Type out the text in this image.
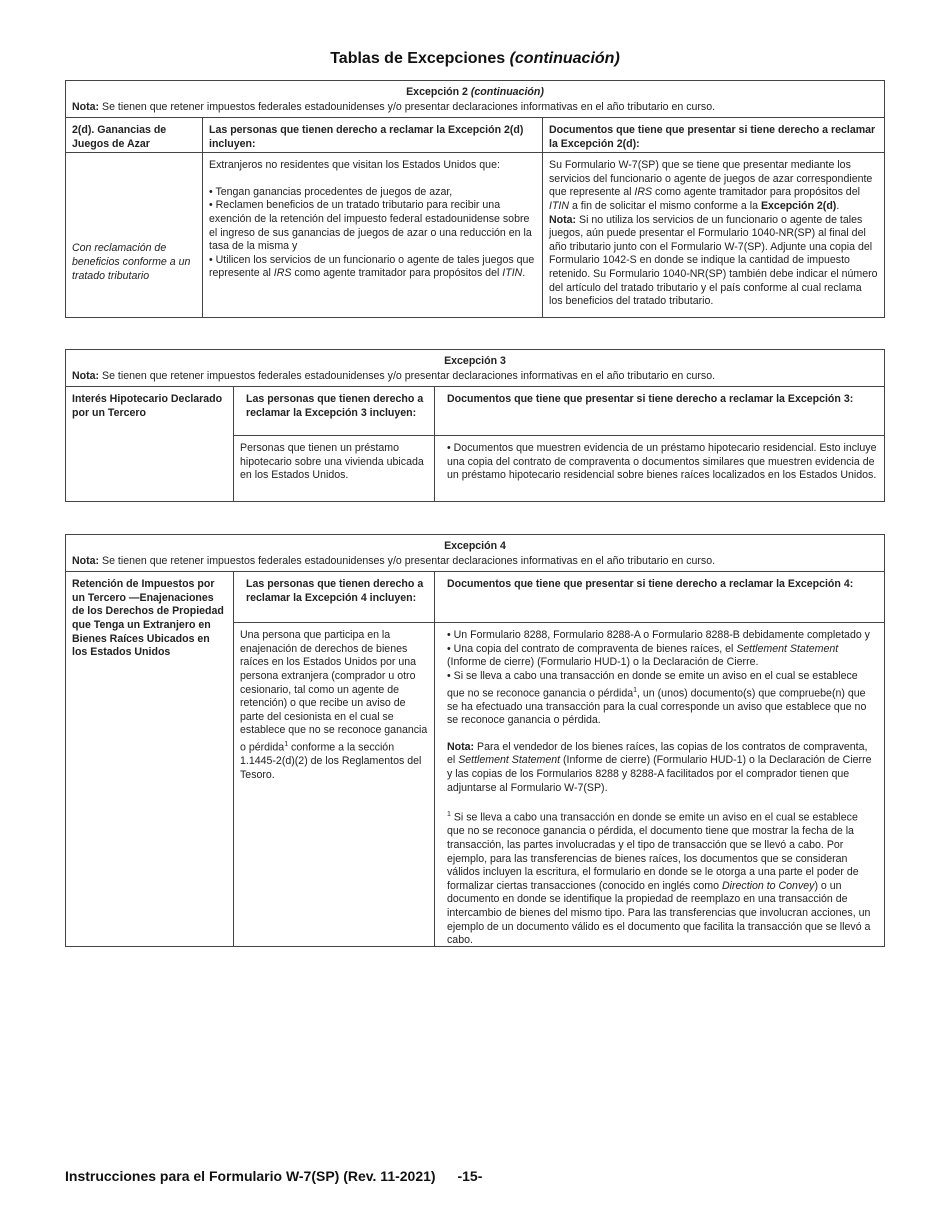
Tablas de Excepciones (continuación)
Excepción 2 (continuación)
Nota: Se tienen que retener impuestos federales estadounidenses y/o presentar declaraciones informativas en el año tributario en curso.
2(d). Ganancias de Juegos de Azar
Las personas que tienen derecho a reclamar la Excepción 2(d) incluyen:
Documentos que tiene que presentar si tiene derecho a reclamar la Excepción 2(d):
Con reclamación de beneficios conforme a un tratado tributario

Extranjeros no residentes que visitan los Estados Unidos que:

• Tengan ganancias procedentes de juegos de azar,

• Reclamen beneficios de un tratado tributario para recibir una exención de la retención del impuesto federal estadounidense sobre el ingreso de sus ganancias de juegos de azar o una reducción en la tasa de la misma y

• Utilicen los servicios de un funcionario o agente de tales juegos que represente al IRS como agente tramitador para propósitos del ITIN.

Su Formulario W-7(SP) que se tiene que presentar mediante los servicios del funcionario o agente de juegos de azar correspondiente que represente al IRS como agente tramitador para propósitos del ITIN a fin de solicitar el mismo conforme a la Excepción 2(d).

Nota: Si no utiliza los servicios de un funcionario o agente de tales juegos, aún puede presentar el Formulario 1040-NR(SP) al final del año tributario junto con el Formulario W-7(SP). Adjunte una copia del Formulario 1042-S en donde se indique la cantidad de impuesto retenido. Su Formulario 1040-NR(SP) también debe indicar el número del artículo del tratado tributario y el país conforme al cual reclama los beneficios del tratado tributario.

Excepción 3
Nota: Se tienen que retener impuestos federales estadounidenses y/o presentar declaraciones informativas en el año tributario en curso.
Interés Hipotecario Declarado por un Tercero
Las personas que tienen derecho a reclamar la Excepción 3 incluyen:
Documentos que tiene que presentar si tiene derecho a reclamar la Excepción 3:
Personas que tienen un préstamo hipotecario sobre una vivienda ubicada en los Estados Unidos.
• Documentos que muestren evidencia de un préstamo hipotecario residencial. Esto incluye una copia del contrato de compraventa o documentos similares que muestren evidencia de un préstamo hipotecario residencial sobre bienes raíces localizados en los Estados Unidos.
Excepción 4
Nota: Se tienen que retener impuestos federales estadounidenses y/o presentar declaraciones informativas en el año tributario en curso.
Retención de Impuestos por un Tercero —Enajenaciones de los Derechos de Propiedad que Tenga un Extranjero en Bienes Raíces Ubicados en los Estados Unidos
Las personas que tienen derecho a reclamar la Excepción 4 incluyen:
Documentos que tiene que presentar si tiene derecho a reclamar la Excepción 4:

Una persona que participa en la enajenación de derechos de bienes raíces en los Estados Unidos por una persona extranjera (comprador u otro cesionario, tal como un agente de retención) o que recibe un aviso de parte del cesionista en el cual se establece que no se reconoce ganancia o pérdida$^1$ conforme a la sección 1.1445-2(d)(2) de los Reglamentos del Tesoro.

• Un Formulario 8288, Formulario 8288-A o Formulario 8288-B debidamente completado y

• Una copia del contrato de compraventa de bienes raíces, el Settlement Statement (Informe de cierre) (Formulario HUD-1) o la Declaración de Cierre.

• Si se lleva a cabo una transacción en donde se emite un aviso en el cual se establece que no se reconoce ganancia o pérdida$^1$, un (unos) documento(s) que compruebe(n) que se ha efectuado una transacción para la cual corresponde un aviso que establece que no se reconoce ganancia o pérdida.

Nota: Para el vendedor de los bienes raíces, las copias de los contratos de compraventa, el Settlement Statement (Informe de cierre) (Formulario HUD-1) o la Declaración de Cierre y las copias de los Formularios 8288 y 8288-A facilitados por el comprador tienen que adjuntarse al Formulario W-7(SP).

$^1$ Si se lleva a cabo una transacción en donde se emite un aviso en el cual se establece que no se reconoce ganancia o pérdida, el documento tiene que mostrar la fecha de la transacción, las partes involucradas y el tipo de transacción que se llevó a cabo. Por ejemplo, para las transferencias de bienes raíces, los documentos que se consideran válidos incluyen la escritura, el formulario en donde se le otorga a una parte el poder de formalizar ciertas transacciones (conocido en inglés como Direction to Convey) o un documento en donde se identifique la propiedad de reemplazo en una transacción de intercambio de bienes del mismo tipo. Para las transferencias que involucran acciones, un ejemplo de un documento válido es el documento que facilita la transacción que se llevó a cabo.

Instrucciones para el Formulario W-7(SP) (Rev. 11-2021) -15-
